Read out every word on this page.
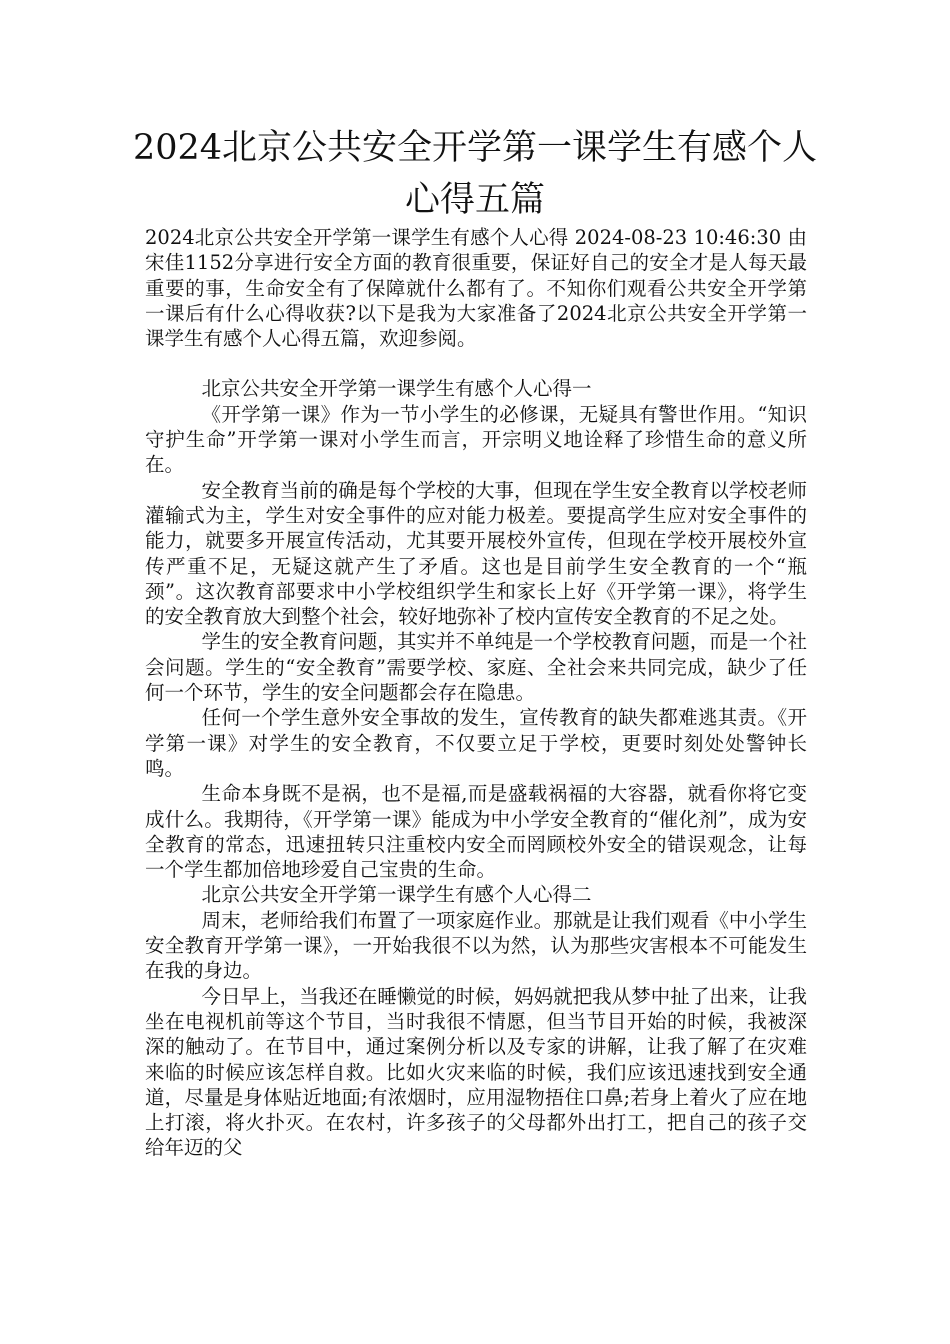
2024北京公共安全开学第一课学生有感个人心得五篇

2024北京公共安全开学第一课学生有感个人心得 2024-08-23 10:46:30 由 宋佳1152分享进行安全方面的教育很重要，保证好自己的安全才是人每天最重要的事，生命安全有了保障就什么都有了。不知你们观看公共安全开学第一课后有什么心得收获?以下是我为大家准备了2024北京公共安全开学第一课学生有感个人心得五篇，欢迎参阅。

北京公共安全开学第一课学生有感个人心得一

《开学第一课》作为一节小学生的必修课，无疑具有警世作用。“知识守护生命”开学第一课对小学生而言，开宗明义地诠释了珍惜生命的意义所在。

安全教育当前的确是每个学校的大事，但现在学生安全教育以学校老师灌输式为主，学生对安全事件的应对能力极差。要提高学生应对安全事件的能力，就要多开展宣传活动，尤其要开展校外宣传，但现在学校开展校外宣传严重不足，无疑这就产生了矛盾。这也是目前学生安全教育的一个“瓶颈”。这次教育部要求中小学校组织学生和家长上好《开学第一课》，将学生的安全教育放大到整个社会，较好地弥补了校内宣传安全教育的不足之处。

学生的安全教育问题，其实并不单纯是一个学校教育问题，而是一个社会问题。学生的“安全教育”需要学校、家庭、全社会来共同完成，缺少了任何一个环节，学生的安全问题都会存在隐患。

任何一个学生意外安全事故的发生，宣传教育的缺失都难逃其责。《开学第一课》对学生的安全教育，不仅要立足于学校，更要时刻处处警钟长鸣。

生命本身既不是祸，也不是福,而是盛载祸福的大容器，就看你将它变成什么。我期待，《开学第一课》能成为中小学安全教育的“催化剂”，成为安全教育的常态，迅速扭转只注重校内安全而罔顾校外安全的错误观念，让每一个学生都加倍地珍爱自己宝贵的生命。

北京公共安全开学第一课学生有感个人心得二

周末，老师给我们布置了一项家庭作业。那就是让我们观看《中小学生安全教育开学第一课》，一开始我很不以为然，认为那些灾害根本不可能发生在我的身边。

今日早上，当我还在睡懒觉的时候，妈妈就把我从梦中扯了出来，让我坐在电视机前等这个节目，当时我很不情愿，但当节目开始的时候，我被深深的触动了。在节目中，通过案例分析以及专家的讲解，让我了解了在灾难来临的时候应该怎样自救。比如火灾来临的时候，我们应该迅速找到安全通道，尽量是身体贴近地面;有浓烟时，应用湿物捂住口鼻;若身上着火了应在地上打滚，将火扑灭。在农村，许多孩子的父母都外出打工，把自己的孩子交给年迈的父
